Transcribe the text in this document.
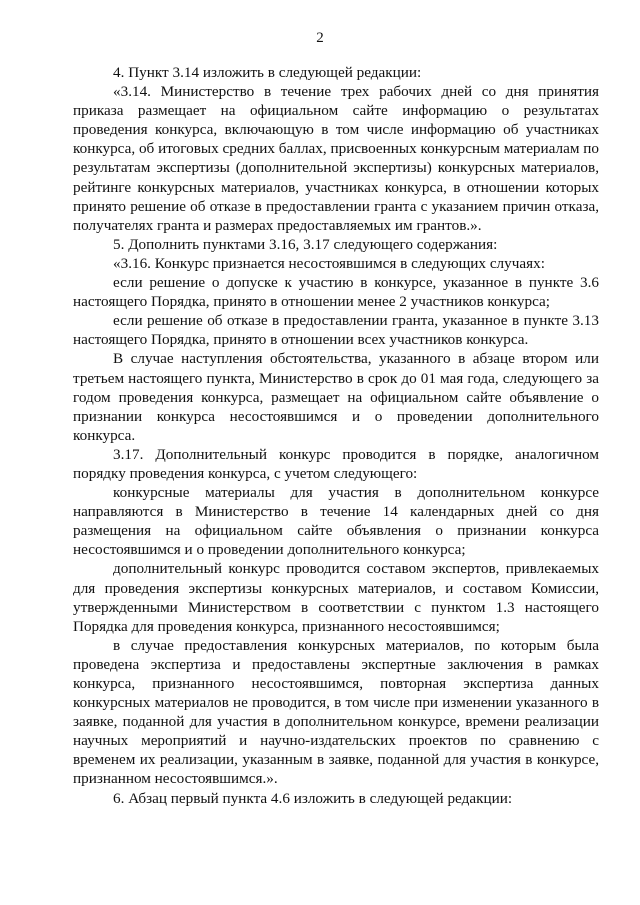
2

4. Пункт 3.14 изложить в следующей редакции:

«3.14. Министерство в течение трех рабочих дней со дня принятия приказа размещает на официальном сайте информацию о результатах проведения конкурса, включающую в том числе информацию об участниках конкурса, об итоговых средних баллах, присвоенных конкурсным материалам по результатам экспертизы (дополнительной экспертизы) конкурсных материалов, рейтинге конкурсных материалов, участниках конкурса, в отношении которых принято решение об отказе в предоставлении гранта с указанием причин отказа, получателях гранта и размерах предоставляемых им грантов.».

5. Дополнить пунктами 3.16, 3.17 следующего содержания:

«3.16. Конкурс признается несостоявшимся в следующих случаях:

если решение о допуске к участию в конкурсе, указанное в пункте 3.6 настоящего Порядка, принято в отношении менее 2 участников конкурса;

если решение об отказе в предоставлении гранта, указанное в пункте 3.13 настоящего Порядка, принято в отношении всех участников конкурса.

В случае наступления обстоятельства, указанного в абзаце втором или третьем настоящего пункта, Министерство в срок до 01 мая года, следующего за годом проведения конкурса, размещает на официальном сайте объявление о признании конкурса несостоявшимся и о проведении дополнительного конкурса.

3.17. Дополнительный конкурс проводится в порядке, аналогичном порядку проведения конкурса, с учетом следующего:

конкурсные материалы для участия в дополнительном конкурсе направляются в Министерство в течение 14 календарных дней со дня размещения на официальном сайте объявления о признании конкурса несостоявшимся и о проведении дополнительного конкурса;

дополнительный конкурс проводится составом экспертов, привлекаемых для проведения экспертизы конкурсных материалов, и составом Комиссии, утвержденными Министерством в соответствии с пунктом 1.3 настоящего Порядка для проведения конкурса, признанного несостоявшимся;

в случае предоставления конкурсных материалов, по которым была проведена экспертиза и предоставлены экспертные заключения в рамках конкурса, признанного несостоявшимся, повторная экспертиза данных конкурсных материалов не проводится, в том числе при изменении указанного в заявке, поданной для участия в дополнительном конкурсе, времени реализации научных мероприятий и научно-издательских проектов по сравнению с временем их реализации, указанным в заявке, поданной для участия в конкурсе, признанном несостоявшимся.».

6. Абзац первый пункта 4.6 изложить в следующей редакции:
